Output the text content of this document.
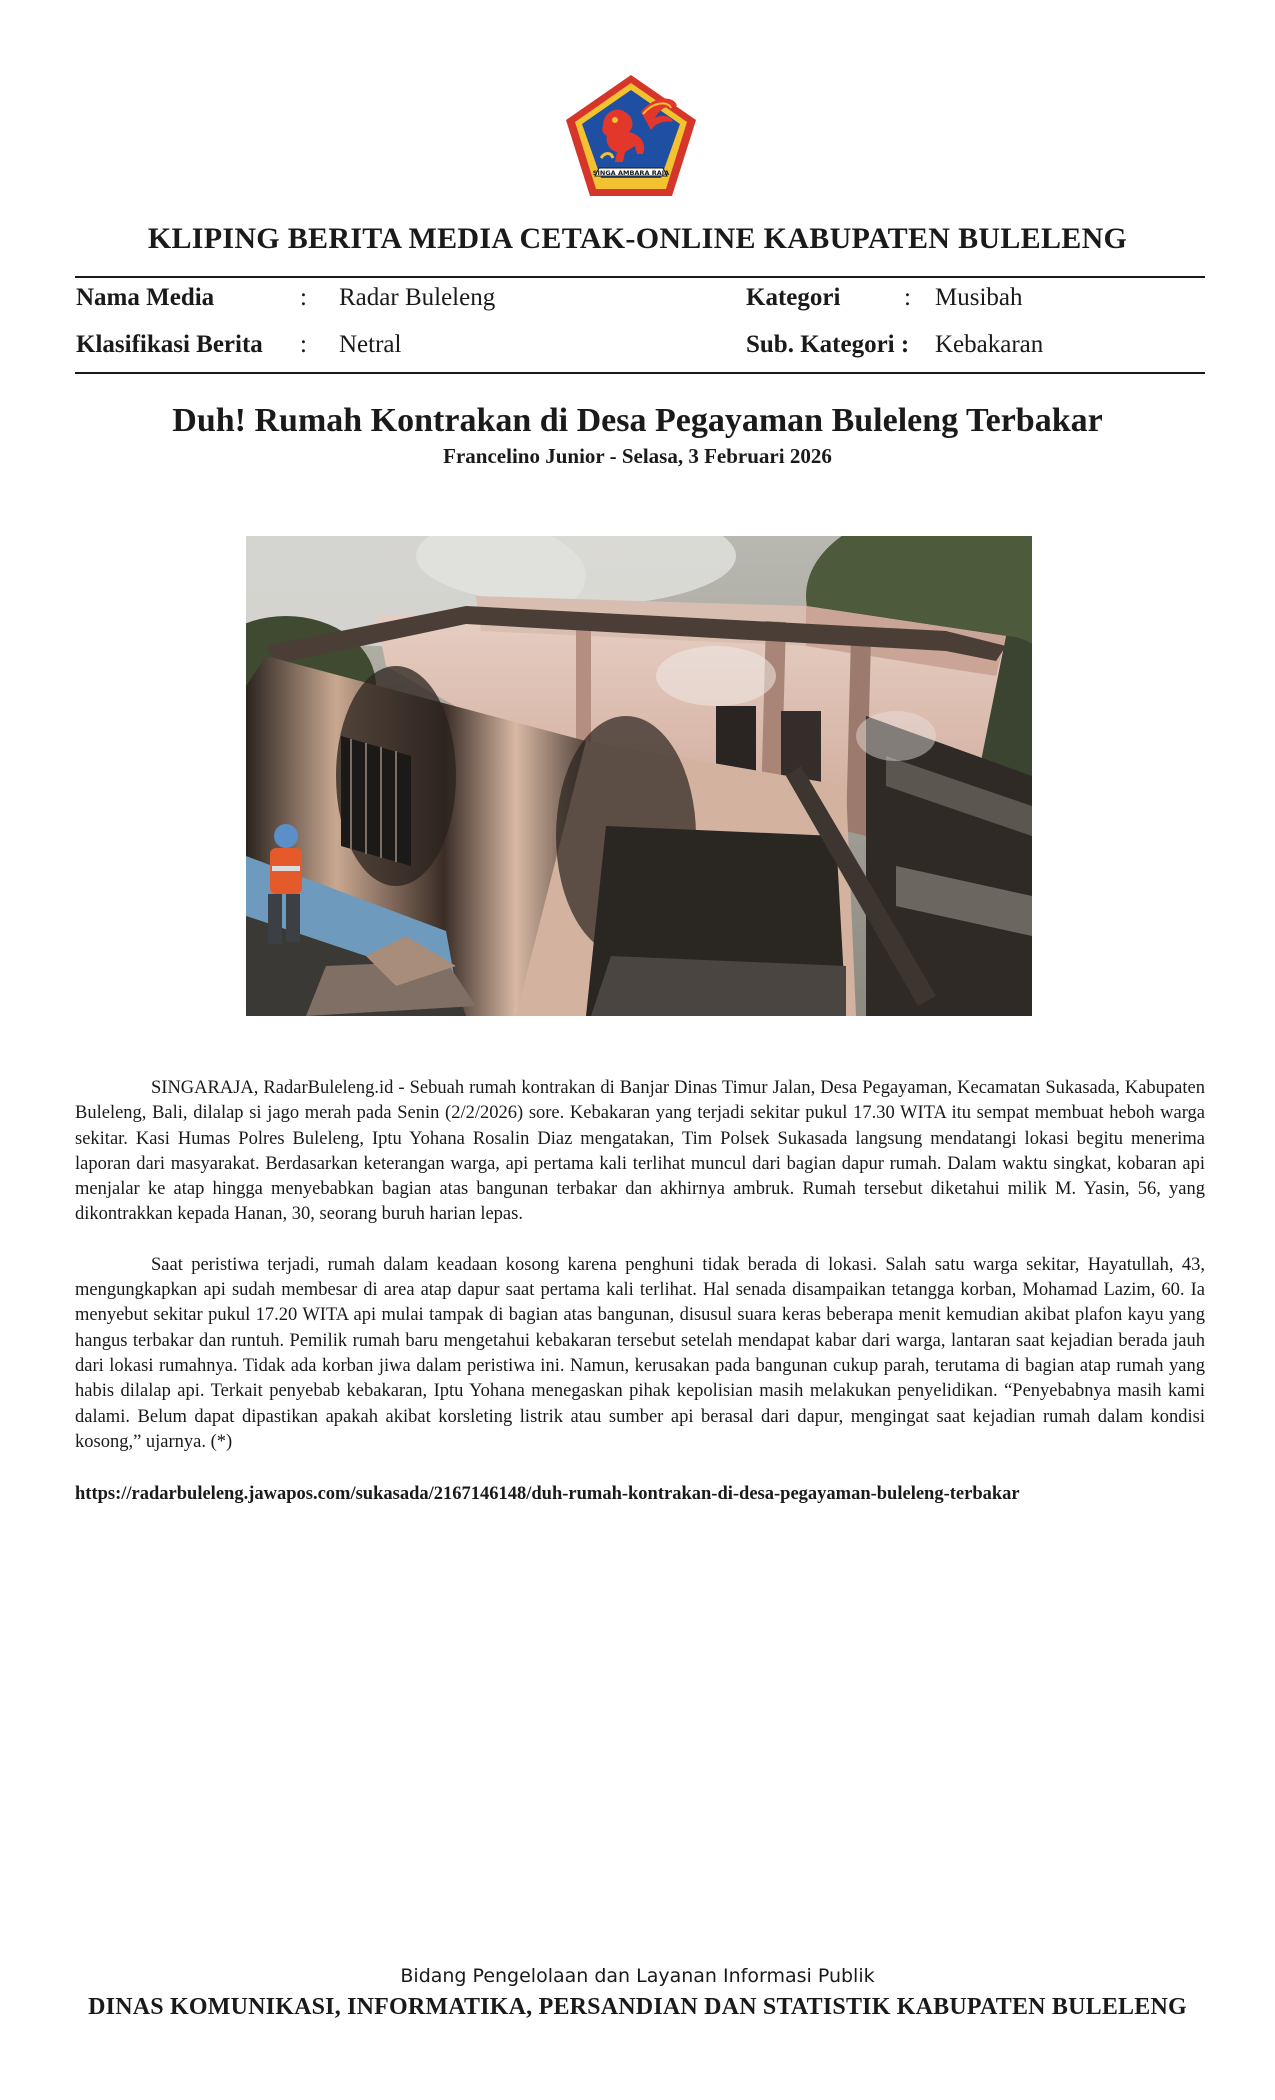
SINGA AMBARA RAJA
KLIPING BERITA MEDIA CETAK-ONLINE KABUPATEN BULELENG
Nama Media	: Radar Buleleng	Kategori	: Musibah
Klasifikasi Berita : Netral	Sub. Kategori : Kebakaran
Duh! Rumah Kontrakan di Desa Pegayaman Buleleng Terbakar
Francelino Junior - Selasa, 3 Februari 2026

SINGARAJA, RadarBuleleng.id - Sebuah rumah kontrakan di Banjar Dinas Timur Jalan, Desa Pegayaman, Kecamatan Sukasada, Kabupaten Buleleng, Bali, dilalap si jago merah pada Senin (2/2/2026) sore. Kebakaran yang terjadi sekitar pukul 17.30 WITA itu sempat membuat heboh warga sekitar. Kasi Humas Polres Buleleng, Iptu Yohana Rosalin Diaz mengatakan, Tim Polsek Sukasada langsung mendatangi lokasi begitu menerima laporan dari masyarakat. Berdasarkan keterangan warga, api pertama kali terlihat muncul dari bagian dapur rumah. Dalam waktu singkat, kobaran api menjalar ke atap hingga menyebabkan bagian atas bangunan terbakar dan akhirnya ambruk. Rumah tersebut diketahui milik M. Yasin, 56, yang dikontrakkan kepada Hanan, 30, seorang buruh harian lepas.

Saat peristiwa terjadi, rumah dalam keadaan kosong karena penghuni tidak berada di lokasi. Salah satu warga sekitar, Hayatullah, 43, mengungkapkan api sudah membesar di area atap dapur saat pertama kali terlihat. Hal senada disampaikan tetangga korban, Mohamad Lazim, 60. Ia menyebut sekitar pukul 17.20 WITA api mulai tampak di bagian atas bangunan, disusul suara keras beberapa menit kemudian akibat plafon kayu yang hangus terbakar dan runtuh. Pemilik rumah baru mengetahui kebakaran tersebut setelah mendapat kabar dari warga, lantaran saat kejadian berada jauh dari lokasi rumahnya. Tidak ada korban jiwa dalam peristiwa ini. Namun, kerusakan pada bangunan cukup parah, terutama di bagian atap rumah yang habis dilalap api. Terkait penyebab kebakaran, Iptu Yohana menegaskan pihak kepolisian masih melakukan penyelidikan. “Penyebabnya masih kami dalami. Belum dapat dipastikan apakah akibat korsleting listrik atau sumber api berasal dari dapur, mengingat saat kejadian rumah dalam kondisi kosong,” ujarnya. (*)

https://radarbuleleng.jawapos.com/sukasada/2167146148/duh-rumah-kontrakan-di-desa-pegayaman-buleleng-terbakar
Bidang Pengelolaan dan Layanan Informasi Publik
DINAS KOMUNIKASI, INFORMATIKA, PERSANDIAN DAN STATISTIK KABUPATEN BULELENG
